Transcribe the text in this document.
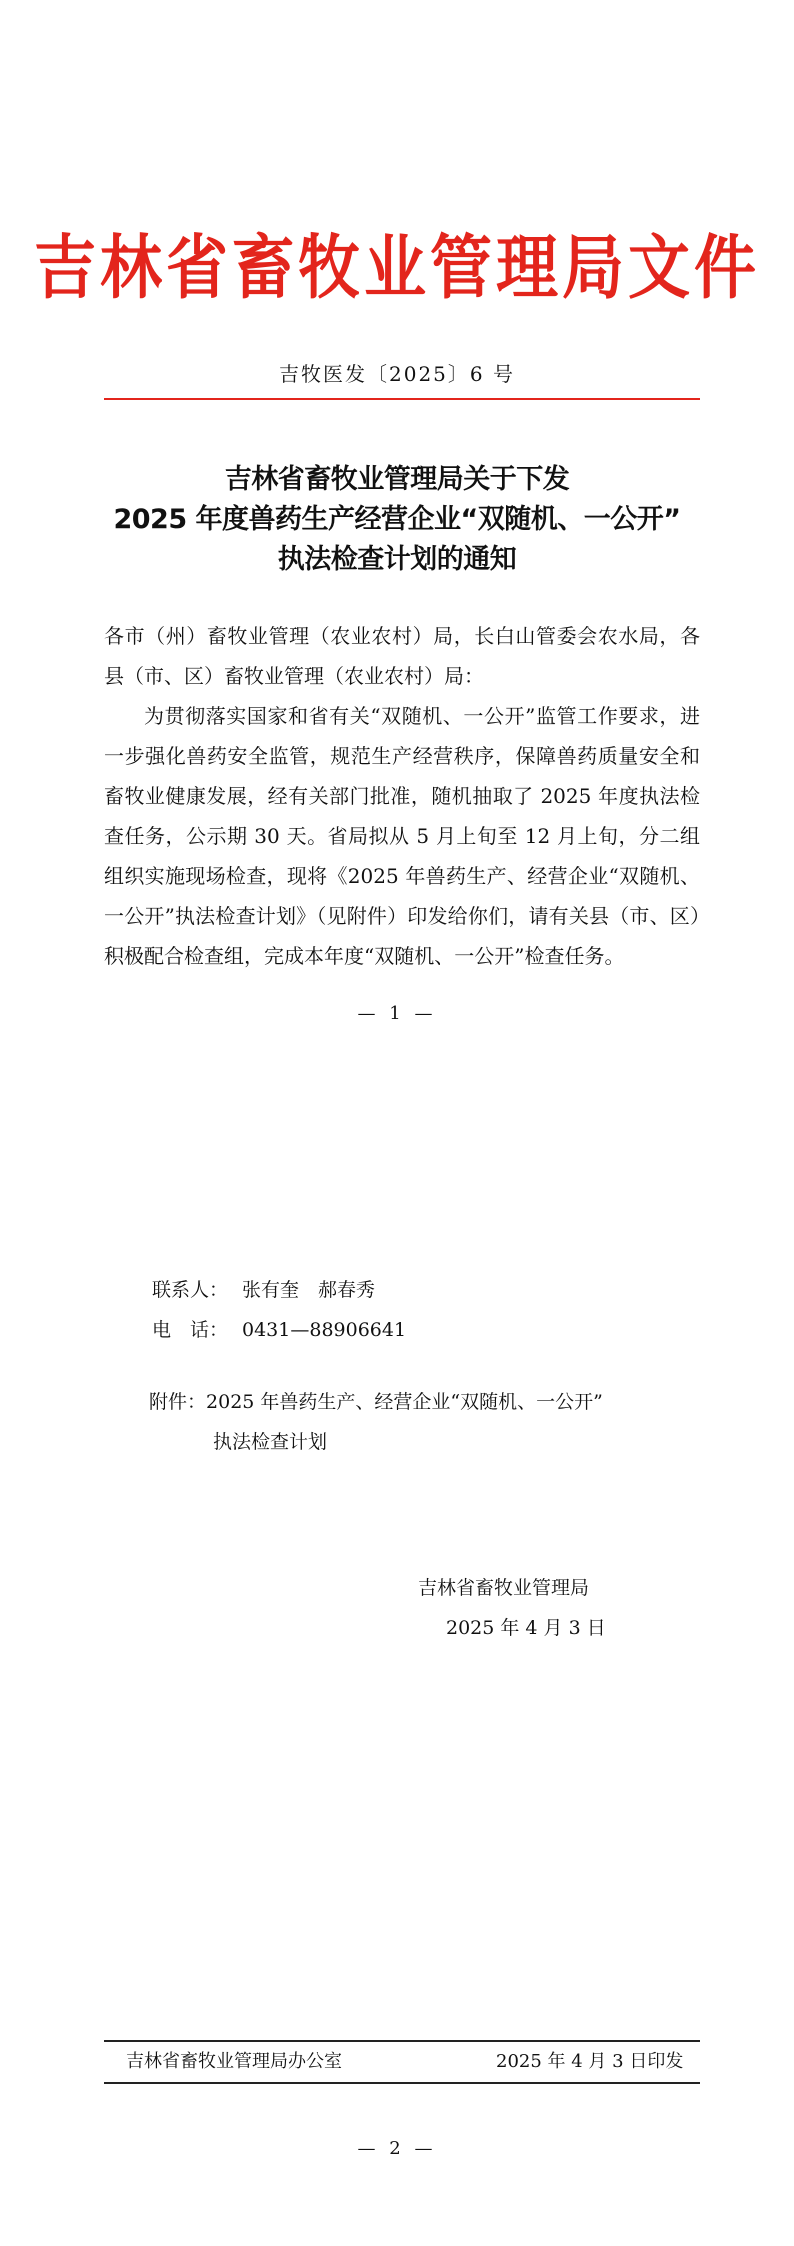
吉林省畜牧业管理局文件
吉牧医发〔2025〕6 号
吉林省畜牧业管理局关于下发
2025 年度兽药生产经营企业“双随机、一公开”
执法检查计划的通知

各市（州）畜牧业管理（农业农村）局，长白山管委会农水局，各县（市、区）畜牧业管理（农业农村）局：

为贯彻落实国家和省有关“双随机、一公开”监管工作要求，进一步强化兽药安全监管，规范生产经营秩序，保障兽药质量安全和畜牧业健康发展，经有关部门批准，随机抽取了 2025 年度执法检查任务，公示期 30 天。省局拟从 5 月上旬至 12 月上旬，分二组组织实施现场检查，现将《2025 年兽药生产、经营企业“双随机、一公开”执法检查计划》（见附件）印发给你们，请有关县（市、区）积极配合检查组，完成本年度“双随机、一公开”检查任务。

— 1 —
联系人： 张有奎　郝春秀
电　话： 0431—88906641
附件：2025 年兽药生产、经营企业“双随机、一公开”
执法检查计划
吉林省畜牧业管理局
2025 年 4 月 3 日
吉林省畜牧业管理局办公室	2025 年 4 月 3 日印发
— 2 —
